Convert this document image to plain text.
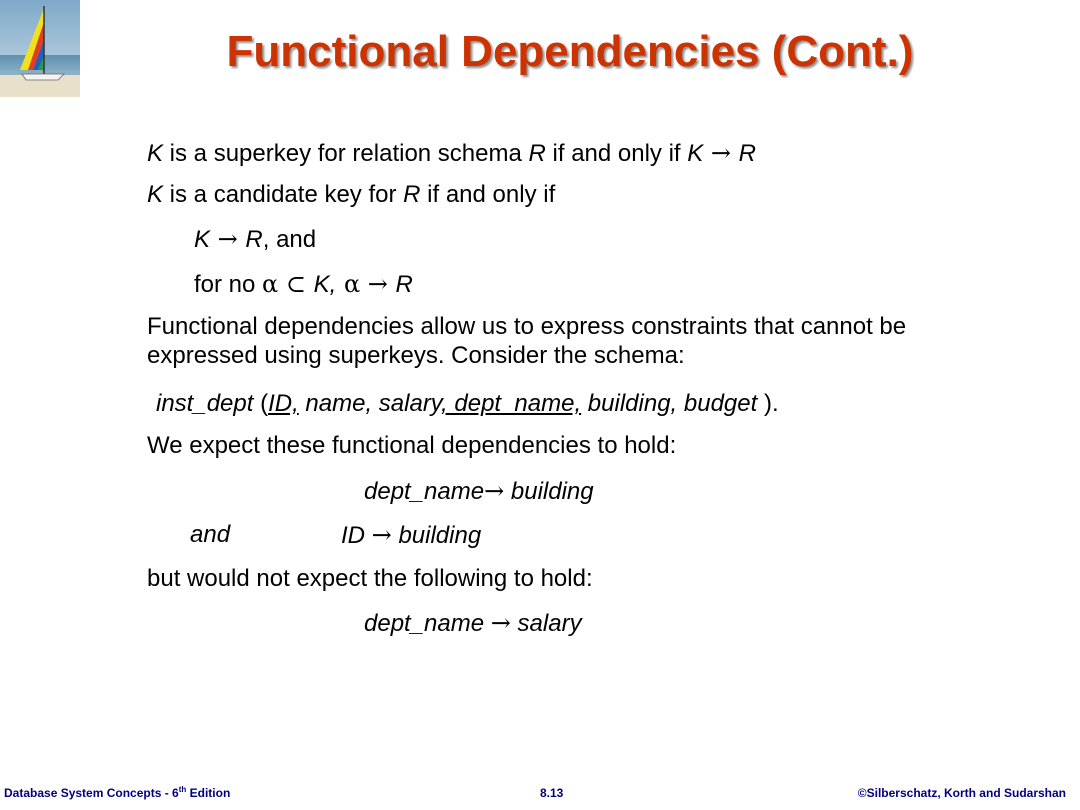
Functional Dependencies (Cont.)
K is a superkey for relation schema R if and only if K → R
K is a candidate key for R if and only if
K → R, and
for no α ⊂ K, α → R
Functional dependencies allow us to express constraints that cannot be
expressed using superkeys. Consider the schema:
inst_dept (ID, name, salary, dept_name, building, budget ).
We expect these functional dependencies to hold:
dept_name→ building
and	ID → building
but would not expect the following to hold:
dept_name → salary
Database System Concepts - 6th Edition	8.13	©Silberschatz, Korth and Sudarshan
